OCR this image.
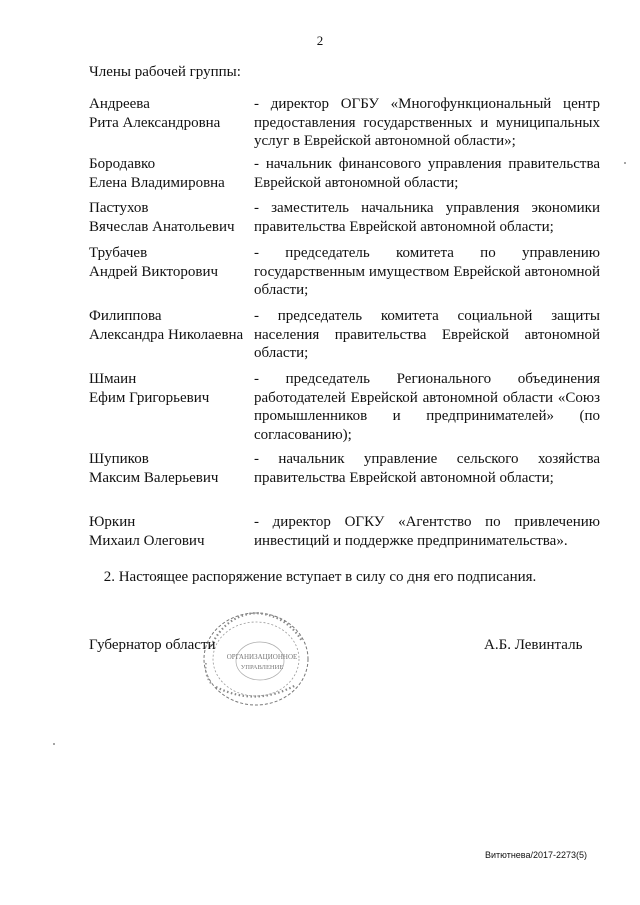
2
Члены рабочей группы:
Андреева
Рита Александровна
- директор ОГБУ «Многофункциональный центр предоставления государственных и муниципальных услуг в Еврейской автономной области»;
Бородавко
Елена Владимировна
- начальник финансового управления правительства Еврейской автономной области;
Пастухов
Вячеслав Анатольевич
- заместитель начальника управления экономики правительства Еврейской автономной области;
Трубачев
Андрей Викторович
- председатель комитета по управлению государственным имуществом Еврейской автономной области;
Филиппова
Александра Николаевна
- председатель комитета социальной защиты населения правительства Еврейской автономной области;
Шмаин
Ефим Григорьевич
- председатель Регионального объединения работодателей Еврейской автономной области «Союз промышленников и предпринимателей» (по согласованию);
Шупиков
Максим Валерьевич
- начальник управление сельского хозяйства правительства Еврейской автономной области;
Юркин
Михаил Олегович
- директор ОГКУ «Агентство по привлечению инвестиций и поддержке предпринимательства».
2. Настоящее распоряжение вступает в силу со дня его подписания.
ОРГАНИЗАЦИОННОЕ
УПРАВЛЕНИЕ
Губернатор области	А.Б. Левинталь
Витютнева/2017-2273(5)
